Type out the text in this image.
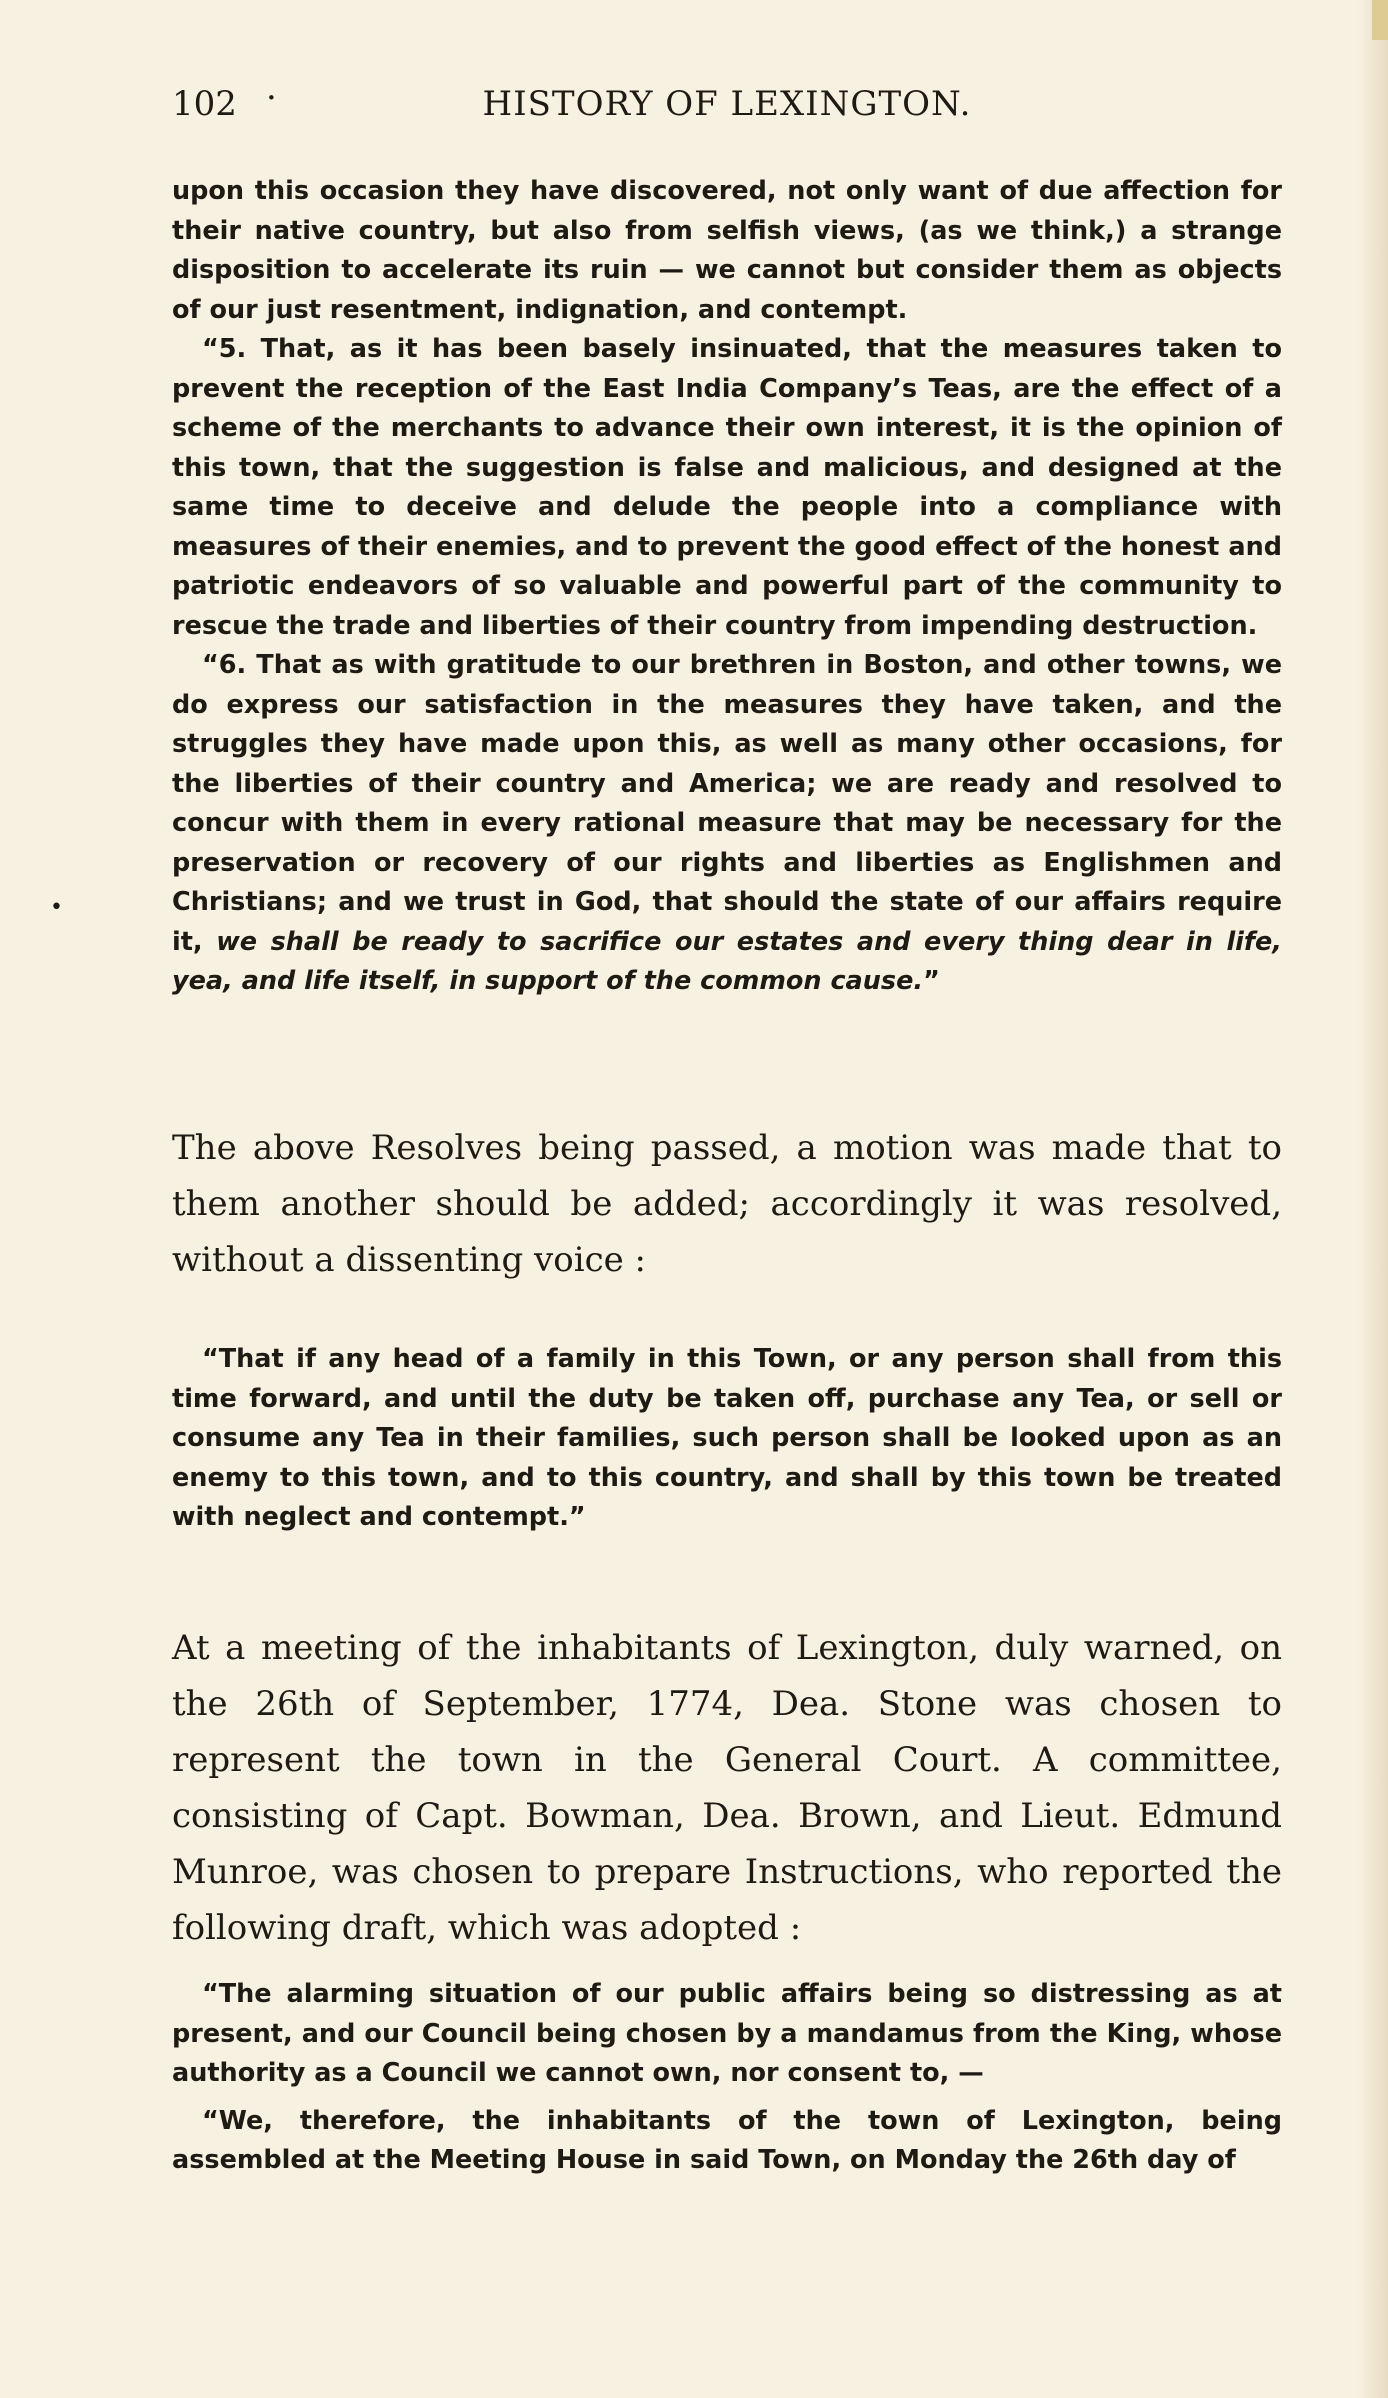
102 ·	HISTORY OF LEXINGTON.
•

upon this occasion they have discovered, not only want of due affection for their native country, but also from selfish views, (as we think,) a strange disposition to accelerate its ruin — we cannot but consider them as objects of our just resentment, indignation, and contempt.

“5. That, as it has been basely insinuated, that the measures taken to prevent the reception of the East India Company’s Teas, are the effect of a scheme of the merchants to advance their own interest, it is the opinion of this town, that the suggestion is false and malicious, and designed at the same time to deceive and delude the people into a compliance with measures of their enemies, and to prevent the good effect of the honest and patriotic endeavors of so valuable and powerful part of the community to rescue the trade and liberties of their country from impending destruction.

“6. That as with gratitude to our brethren in Boston, and other towns, we do express our satisfaction in the measures they have taken, and the struggles they have made upon this, as well as many other occasions, for the liberties of their country and America; we are ready and resolved to concur with them in every rational measure that may be necessary for the preservation or recovery of our rights and liberties as Englishmen and Christians; and we trust in God, that should the state of our affairs require it, we shall be ready to sacrifice our estates and every thing dear in life, yea, and life itself, in support of the common cause.”

The above Resolves being passed, a motion was made that to them another should be added; accordingly it was resolved, without a dissenting voice :

“That if any head of a family in this Town, or any person shall from this time forward, and until the duty be taken off, purchase any Tea, or sell or consume any Tea in their families, such person shall be looked upon as an enemy to this town, and to this country, and shall by this town be treated with neglect and contempt.”

At a meeting of the inhabitants of Lexington, duly warned, on the 26th of September, 1774, Dea. Stone was chosen to represent the town in the General Court. A committee, consisting of Capt. Bowman, Dea. Brown, and Lieut. Edmund Munroe, was chosen to prepare Instructions, who reported the following draft, which was adopted :

“The alarming situation of our public affairs being so distressing as at present, and our Council being chosen by a mandamus from the King, whose authority as a Council we cannot own, nor consent to, —

“We, therefore, the inhabitants of the town of Lexington, being assembled at the Meeting House in said Town, on Monday the 26th day of
